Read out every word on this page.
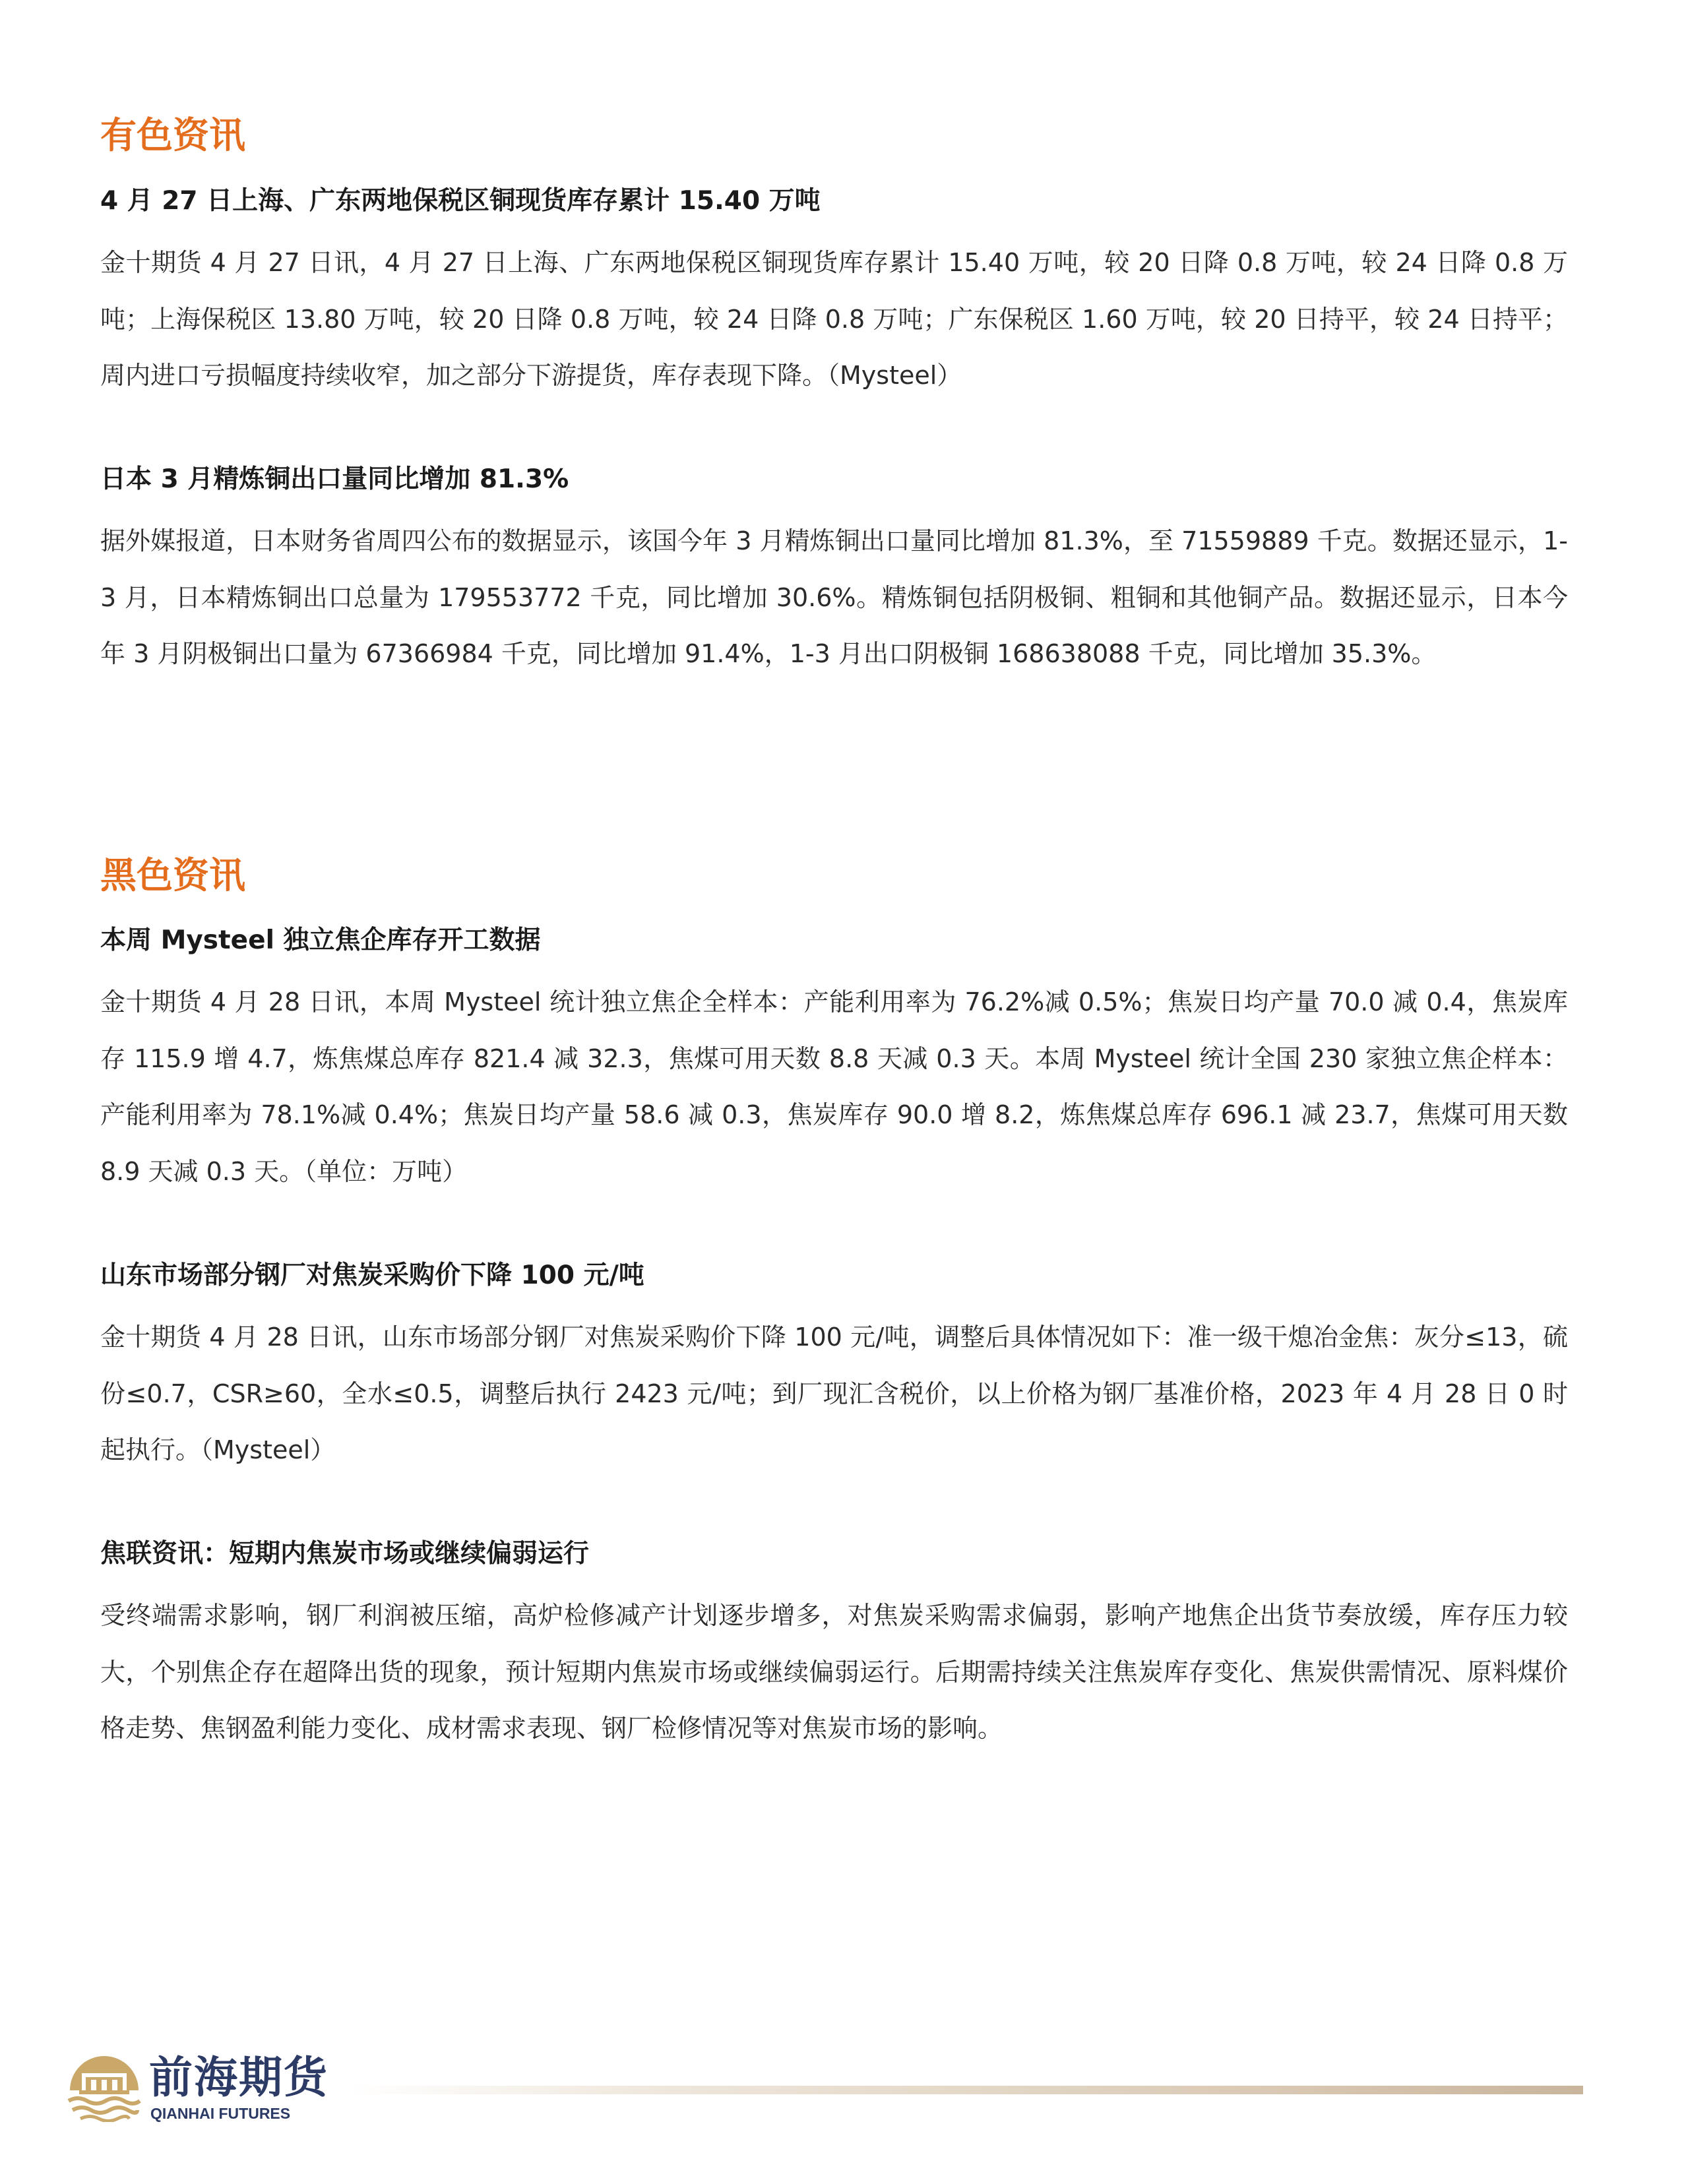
有色资讯

4 月 27 日上海、广东两地保税区铜现货库存累计 15.40 万吨

金十期货 4 月 27 日讯，4 月 27 日上海、广东两地保税区铜现货库存累计 15.40 万吨，较 20 日降 0.8 万吨，较 24 日降 0.8 万吨；上海保税区 13.80 万吨，较 20 日降 0.8 万吨，较 24 日降 0.8 万吨；广东保税区 1.60 万吨，较 20 日持平，较 24 日持平；周内进口亏损幅度持续收窄，加之部分下游提货，库存表现下降。（Mysteel）

日本 3 月精炼铜出口量同比增加 81.3%

据外媒报道，日本财务省周四公布的数据显示，该国今年 3 月精炼铜出口量同比增加 81.3%，至 71559889 千克。数据还显示，1-3 月，日本精炼铜出口总量为 179553772 千克，同比增加 30.6%。精炼铜包括阴极铜、粗铜和其他铜产品。数据还显示，日本今年 3 月阴极铜出口量为 67366984 千克，同比增加 91.4%，1-3 月出口阴极铜 168638088 千克，同比增加 35.3%。

黑色资讯

本周 Mysteel 独立焦企库存开工数据

金十期货 4 月 28 日讯，本周 Mysteel 统计独立焦企全样本：产能利用率为 76.2%减 0.5%；焦炭日均产量 70.0 减 0.4，焦炭库存 115.9 增 4.7，炼焦煤总库存 821.4 减 32.3，焦煤可用天数 8.8 天减 0.3 天。本周 Mysteel 统计全国 230 家独立焦企样本：产能利用率为 78.1%减 0.4%；焦炭日均产量 58.6 减 0.3，焦炭库存 90.0 增 8.2，炼焦煤总库存 696.1 减 23.7，焦煤可用天数 8.9 天减 0.3 天。（单位：万吨）

山东市场部分钢厂对焦炭采购价下降 100 元/吨

金十期货 4 月 28 日讯，山东市场部分钢厂对焦炭采购价下降 100 元/吨，调整后具体情况如下：准一级干熄冶金焦：灰分≤13，硫份≤0.7，CSR≥60，全水≤0.5，调整后执行 2423 元/吨；到厂现汇含税价，以上价格为钢厂基准价格，2023 年 4 月 28 日 0 时起执行。（Mysteel）

焦联资讯：短期内焦炭市场或继续偏弱运行

受终端需求影响，钢厂利润被压缩，高炉检修减产计划逐步增多，对焦炭采购需求偏弱，影响产地焦企出货节奏放缓，库存压力较大，个别焦企存在超降出货的现象，预计短期内焦炭市场或继续偏弱运行。后期需持续关注焦炭库存变化、焦炭供需情况、原料煤价格走势、焦钢盈利能力变化、成材需求表现、钢厂检修情况等对焦炭市场的影响。

前海期货
QIANHAI FUTURES
